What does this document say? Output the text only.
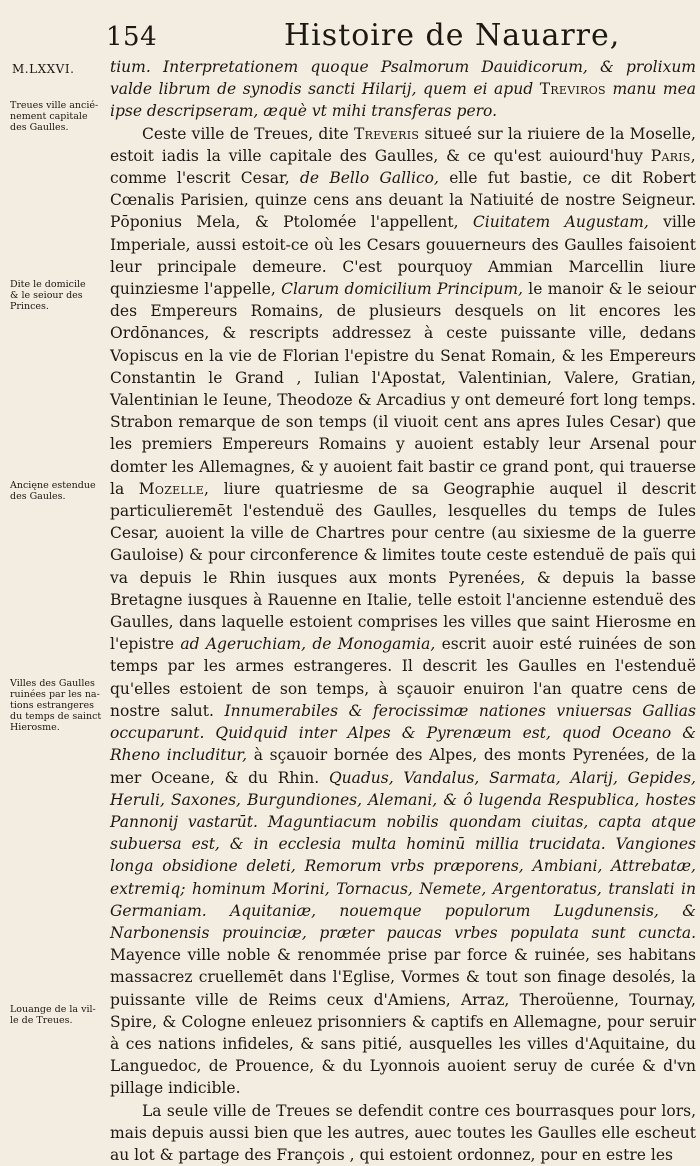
154	Histoire de Nauarre,
M.LXXVI.
Treues ville ancié-
nement capitale
des Gaulles.
Dite le domicile
& le seiour des
Princes.
Ancięne estendue
des Gaules.
Villes des Gaulles
ruinées par les na-
tions estrangeres
du temps de sainct
Hierosme.
Louange de la vil-
le de Treues.

tium. Interpretationem quoque Psalmorum Dauidicorum, & prolixum valde librum de synodis sancti Hilarij, quem ei apud Treviros manu mea ipse descripseram, æquè vt mihi transferas pero.

Ceste ville de Treues, dite Treveris situeé sur la riuiere de la Moselle, estoit iadis la ville capitale des Gaulles, & ce qu'est auiourd'huy Paris, comme l'escrit Cesar, de Bello Gallico, elle fut bastie, ce dit Robert Cœnalis Parisien, quinze cens ans deuant la Natiuité de nostre Seigneur. Pōponius Mela, & Ptolomée l'appellent, Ciuitatem Augustam, ville Imperiale, aussi estoit-ce où les Cesars gouuerneurs des Gaulles faisoient leur principale demeure. C'est pourquoy Ammian Marcellin liure quinziesme l'appelle, Clarum domicilium Principum, le manoir & le seiour des Empereurs Romains, de plusieurs desquels on lit encores les Ordōnances, & rescripts addressez à ceste puissante ville, dedans Vopiscus en la vie de Florian l'epistre du Senat Romain, & les Empereurs Constantin le Grand , Iulian l'Apostat, Valentinian, Valere, Gratian, Valentinian le Ieune, Theodoze & Arcadius y ont demeuré fort long temps. Strabon remarque de son temps (il viuoit cent ans apres Iules Cesar) que les premiers Empereurs Romains y auoient estably leur Arsenal pour domter les Allemagnes, & y auoient fait bastir ce grand pont, qui trauerse la Mozelle, liure quatriesme de sa Geographie auquel il descrit particulieremēt l'estenduë des Gaulles, lesquelles du temps de Iules Cesar, auoient la ville de Chartres pour centre (au sixiesme de la guerre Gauloise) & pour circonference & limites toute ceste estenduë de païs qui va depuis le Rhin iusques aux monts Pyrenées, & depuis la basse Bretagne iusques à Rauenne en Italie, telle estoit l'ancienne estenduë des Gaulles, dans laquelle estoient comprises les villes que saint Hierosme en l'epistre ad Ageruchiam, de Monogamia, escrit auoir esté ruinées de son temps par les armes estrangeres. Il descrit les Gaulles en l'estenduë qu'elles estoient de son temps, à sçauoir enuiron l'an quatre cens de nostre salut. Innumerabiles & ferocissimæ nationes vniuersas Gallias occuparunt. Quidquid inter Alpes & Pyrenæum est, quod Oceano & Rheno includitur, à sçauoir bornée des Alpes, des monts Pyrenées, de la mer Oceane, & du Rhin. Quadus, Vandalus, Sarmata, Alarij, Gepides, Heruli, Saxones, Burgundiones, Alemani, & ô lugenda Respublica, hostes Pannonij vastarūt. Maguntiacum nobilis quondam ciuitas, capta atque subuersa est, & in ecclesia multa hominū millia trucidata. Vangiones longa obsidione deleti, Remorum vrbs præporens, Ambiani, Attrebatæ, extremiq; hominum Morini, Tornacus, Nemete, Argentoratus, translati in Germaniam. Aquitaniæ, nouemque populorum Lugdunensis, & Narbonensis prouinciæ, præter paucas vrbes populata sunt cuncta. Mayence ville noble & renommée prise par force & ruinée, ses habitans massacrez cruellemēt dans l'Eglise, Vormes & tout son finage desolés, la puissante ville de Reims ceux d'Amiens, Arraz, Theroüenne, Tournay, Spire, & Cologne enleuez prisonniers & captifs en Allemagne, pour seruir à ces nations infideles, & sans pitié, ausquelles les villes d'Aquitaine, du Languedoc, de Prouence, & du Lyonnois auoient seruy de curée & d'vn pillage indicible.

La seule ville de Treues se defendit contre ces bourrasques pour lors, mais depuis aussi bien que les autres, auec toutes les Gaulles elle escheut au lot & partage des François , qui estoient ordonnez, pour en estre les
